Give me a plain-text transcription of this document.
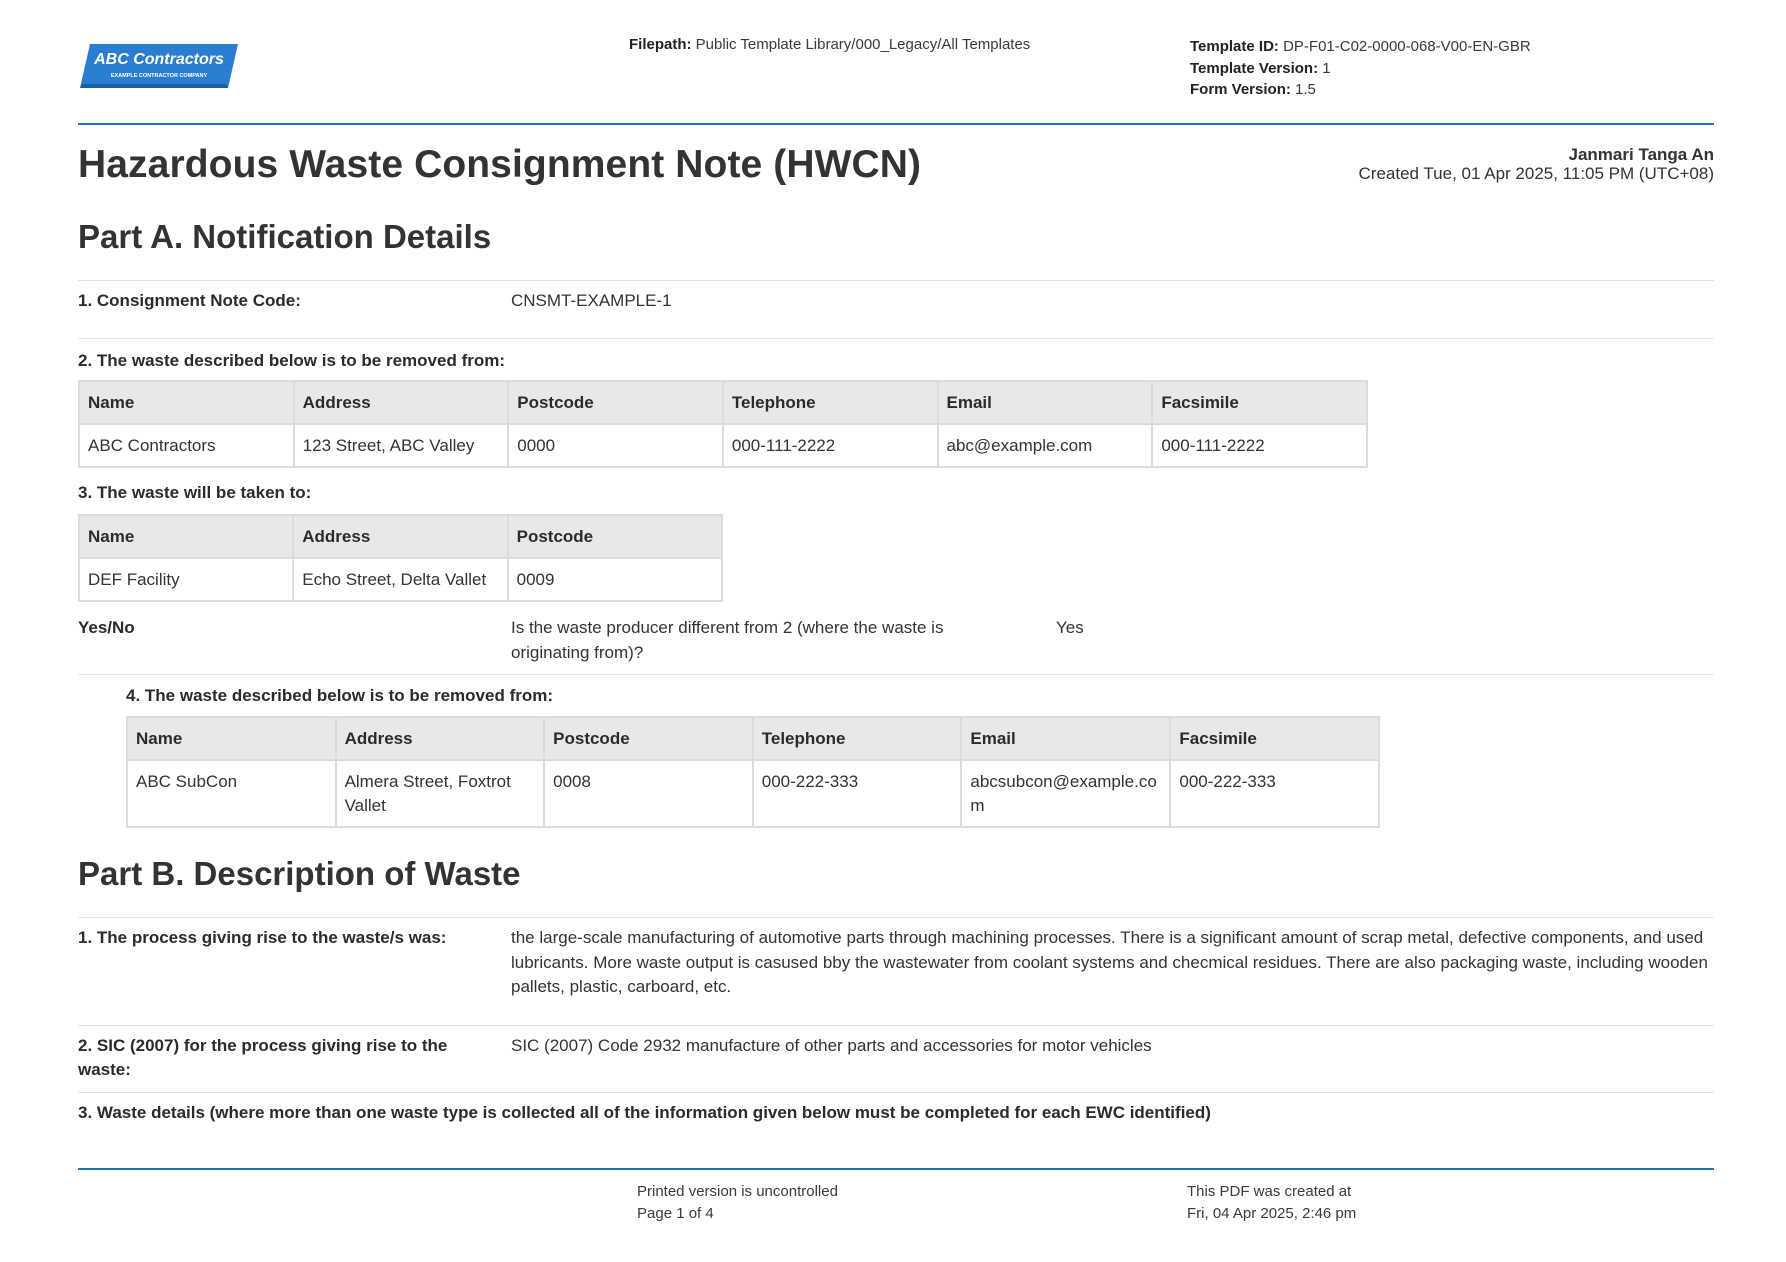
ABC Contractors
EXAMPLE CONTRACTOR COMPANY
Filepath: Public Template Library/000_Legacy/All Templates	Template ID: DP-F01-C02-0000-068-V00-EN-GBR
Template Version: 1
Form Version: 1.5
Hazardous Waste Consignment Note (HWCN)	Janmari Tanga An
Created Tue, 01 Apr 2025, 11:05 PM (UTC+08)
Part A. Notification Details
1. Consignment Note Code:	CNSMT-EXAMPLE-1
2. The waste described below is to be removed from:
Name	Address	Postcode	Telephone	Email	Facsimile
ABC Contractors	123 Street, ABC Valley	0000	000-111-2222	abc@example.com	000-111-2222
3. The waste will be taken to:
Name	Address	Postcode
DEF Facility	Echo Street, Delta Vallet	0009
Yes/No	Is the waste producer different from 2 (where the waste is originating from)?
Yes
4. The waste described below is to be removed from:
Name	Address	Postcode	Telephone	Email	Facsimile
ABC SubCon	Almera Street, Foxtrot Vallet	0008	000-222-333	abcsubcon@example.co m	000-222-333
Part B. Description of Waste
1. The process giving rise to the waste/s was:	the large-scale manufacturing of automotive parts through machining processes. There is a significant amount of scrap metal, defective components, and used lubricants. More waste output is casused bby the wastewater from coolant systems and checmical residues. There are also packaging waste, including wooden pallets, plastic, carboard, etc.
2. SIC (2007) for the process giving rise to the waste:
SIC (2007) Code 2932 manufacture of other parts and accessories for motor vehicles
3. Waste details (where more than one waste type is collected all of the information given below must be completed for each EWC identified)
Printed version is uncontrolled
Page 1 of 4
This PDF was created at
Fri, 04 Apr 2025, 2:46 pm
